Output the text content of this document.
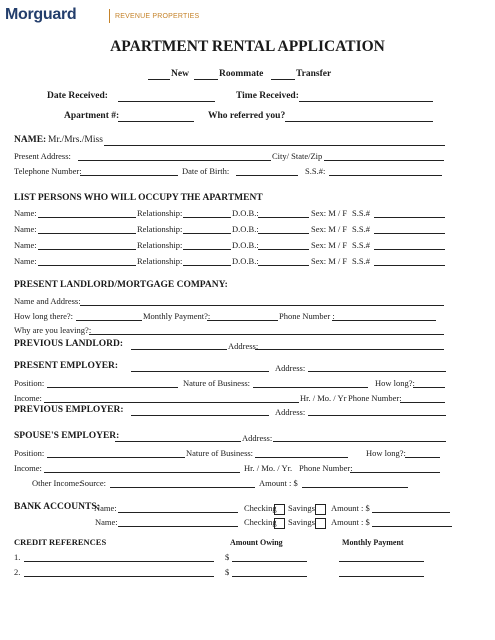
Morguard	REVENUE PROPERTIES
APARTMENT RENTAL APPLICATION
New	Roommate	Transfer
Date Received:	Time Received:
Apartment #:	Who referred you?
NAME: Mr./Mrs./Miss
Present Address:	City/ State/Zip
Telephone Number:	Date of Birth:	S.S.#:
LIST PERSONS WHO WILL OCCUPY THE APARTMENT
Name:	Relationship:	D.O.B.:	Sex: M / F S.S.#
Name:	Relationship:	D.O.B.:	Sex: M / F S.S.#
Name:	Relationship:	D.O.B.:	Sex: M / F S.S.#
Name:	Relationship:	D.O.B.:	Sex: M / F S.S.#
PRESENT LANDLORD/MORTGAGE COMPANY:
Name and Address:
How long there?:	Monthly Payment?:	Phone Number :
Why are you leaving?:
PREVIOUS LANDLORD:	Address:
PRESENT EMPLOYER:	Address:
Position:	Nature of Business:	How long?:
Income:	Hr. / Mo. / Yr Phone Number:
PREVIOUS EMPLOYER:	Address:
SPOUSE'S EMPLOYER:	Address:
Position:	Nature of Business:	How long?:
Income:	Hr. / Mo. / Yr. Phone Number:
Other Income:
Source:	Amount : $
BANK ACCOUNTS:
Name:	Checking Savings Amount : $
Name:	Checking Savings Amount : $
CREDIT REFERENCES	Amount Owing	Monthly Payment
1.	$
2.	$
